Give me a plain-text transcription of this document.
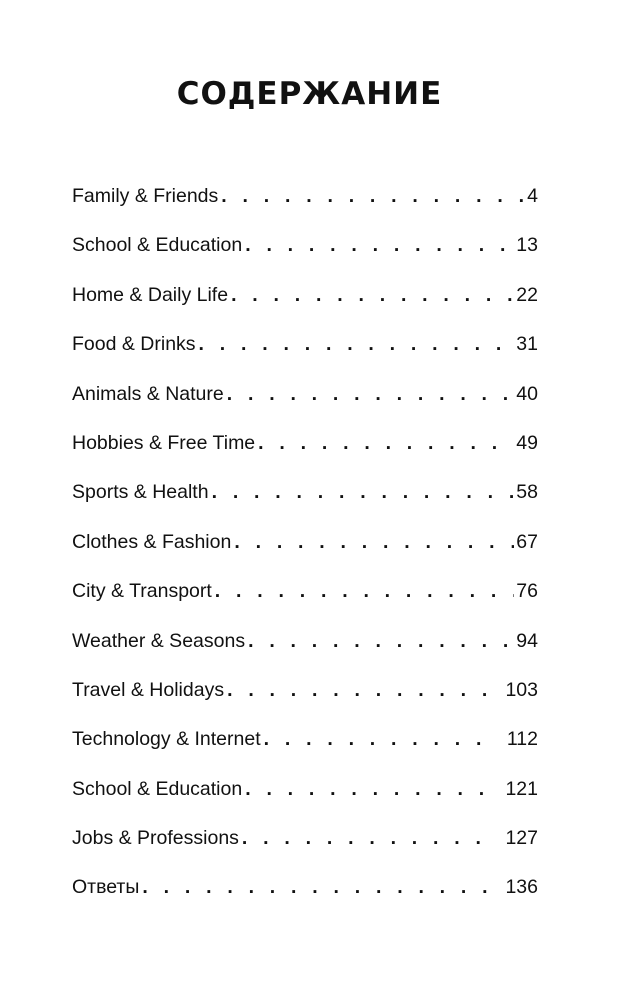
СОДЕРЖАНИЕ
Family & Friends . . .	4
School & Education . . .	13
Home & Daily Life . . .	22
Food & Drinks . . .	31
Animals & Nature . . .	40
Hobbies & Free Time . . .	49
Sports & Health . . .	58
Clothes & Fashion . . .	67
City & Transport . . .	76
Weather & Seasons . . .	94
Travel & Holidays . . .	103
Technology & Internet . . .	112
School & Education . . .	121
Jobs & Professions . . .	127
Ответы . . .	136
